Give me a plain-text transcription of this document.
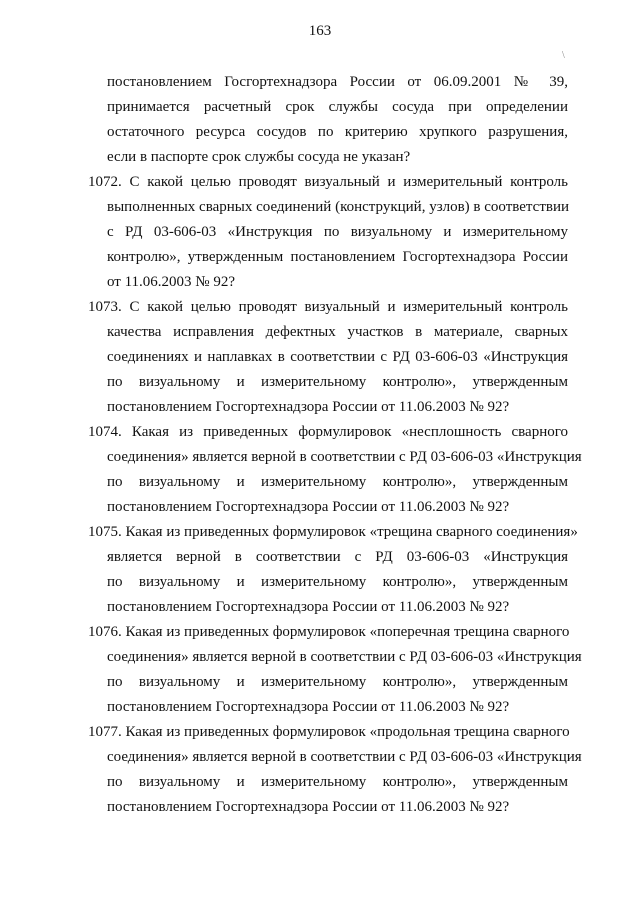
163
\
постановлением Госгортехнадзора России от 06.09.2001 № 39,
принимается расчетный срок службы сосуда при определении
остаточного ресурса сосудов по критерию хрупкого разрушения,
если в паспорте срок службы сосуда не указан?
1072. С какой целью проводят визуальный и измерительный контроль
выполненных сварных соединений (конструкций, узлов) в соответствии
с РД 03-606-03 «Инструкция по визуальному и измерительному
контролю», утвержденным постановлением Госгортехнадзора России
от 11.06.2003 № 92?
1073. С какой целью проводят визуальный и измерительный контроль
качества исправления дефектных участков в материале, сварных
соединениях и наплавках в соответствии с РД 03-606-03 «Инструкция
по визуальному и измерительному контролю», утвержденным
постановлением Госгортехнадзора России от 11.06.2003 № 92?
1074. Какая из приведенных формулировок «несплошность сварного
соединения» является верной в соответствии с РД 03-606-03 «Инструкция
по визуальному и измерительному контролю», утвержденным
постановлением Госгортехнадзора России от 11.06.2003 № 92?
1075. Какая из приведенных формулировок «трещина сварного соединения»
является верной в соответствии с РД 03-606-03 «Инструкция
по визуальному и измерительному контролю», утвержденным
постановлением Госгортехнадзора России от 11.06.2003 № 92?
1076. Какая из приведенных формулировок «поперечная трещина сварного
соединения» является верной в соответствии с РД 03-606-03 «Инструкция
по визуальному и измерительному контролю», утвержденным
постановлением Госгортехнадзора России от 11.06.2003 № 92?
1077. Какая из приведенных формулировок «продольная трещина сварного
соединения» является верной в соответствии с РД 03-606-03 «Инструкция
по визуальному и измерительному контролю», утвержденным
постановлением Госгортехнадзора России от 11.06.2003 № 92?
